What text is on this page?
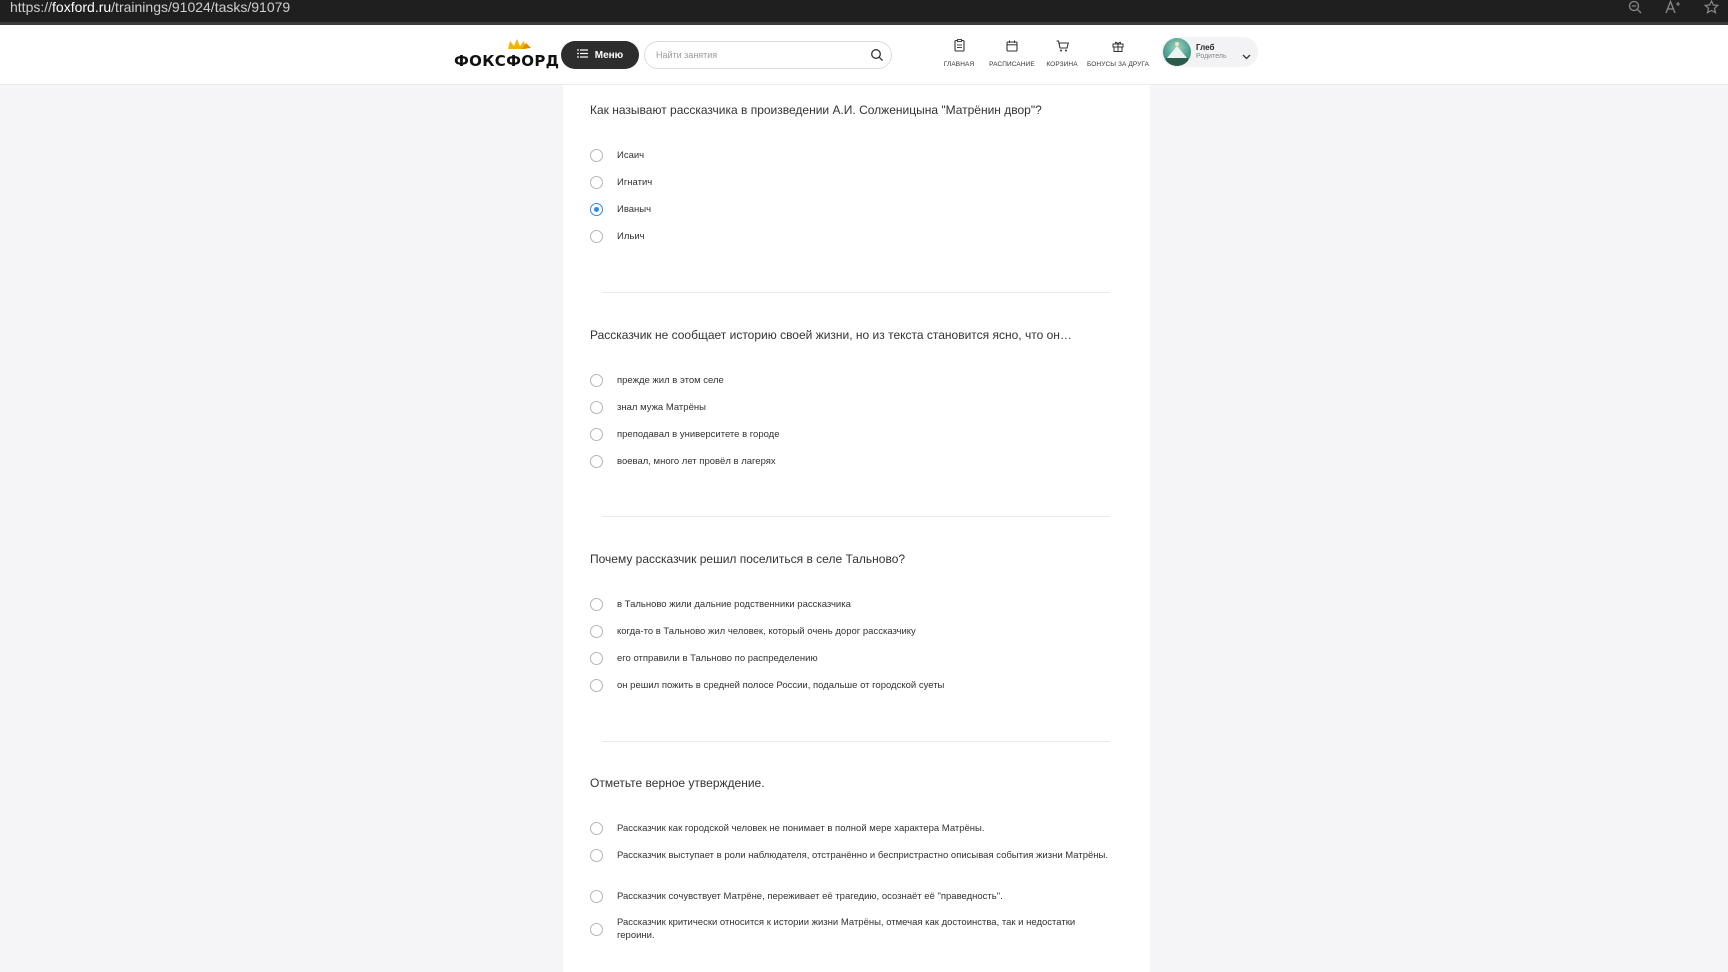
https://foxford.ru/trainings/91024/tasks/91079
ФОКСФОРД	Меню
Найти занятия
ГЛАВНАЯ РАСПИСАНИЕ КОРЗИНА БОНУСЫ ЗА ДРУГА
Глеб
Родитель
Как называют рассказчика в произведении А.И. Солженицына "Матрёнин двор"?
Исаич
Игнатич
Иваныч
Ильич
Рассказчик не сообщает историю своей жизни, но из текста становится ясно, что он…
прежде жил в этом селе
знал мужа Матрёны
преподавал в университете в городе
воевал, много лет провёл в лагерях
Почему рассказчик решил поселиться в селе Тальново?
в Тальново жили дальние родственники рассказчика
когда-то в Тальново жил человек, который очень дорог рассказчику
его отправили в Тальново по распределению
он решил пожить в средней полосе России, подальше от городской суеты
Отметьте верное утверждение.
Рассказчик как городской человек не понимает в полной мере характера Матрёны.
Рассказчик выступает в роли наблюдателя, отстранённо и беспристрастно описывая события жизни Матрёны.
Рассказчик сочувствует Матрёне, переживает её трагедию, осознаёт её "праведность".
Рассказчик критически относится к истории жизни Матрёны, отмечая как достоинства, так и недостатки героини.
